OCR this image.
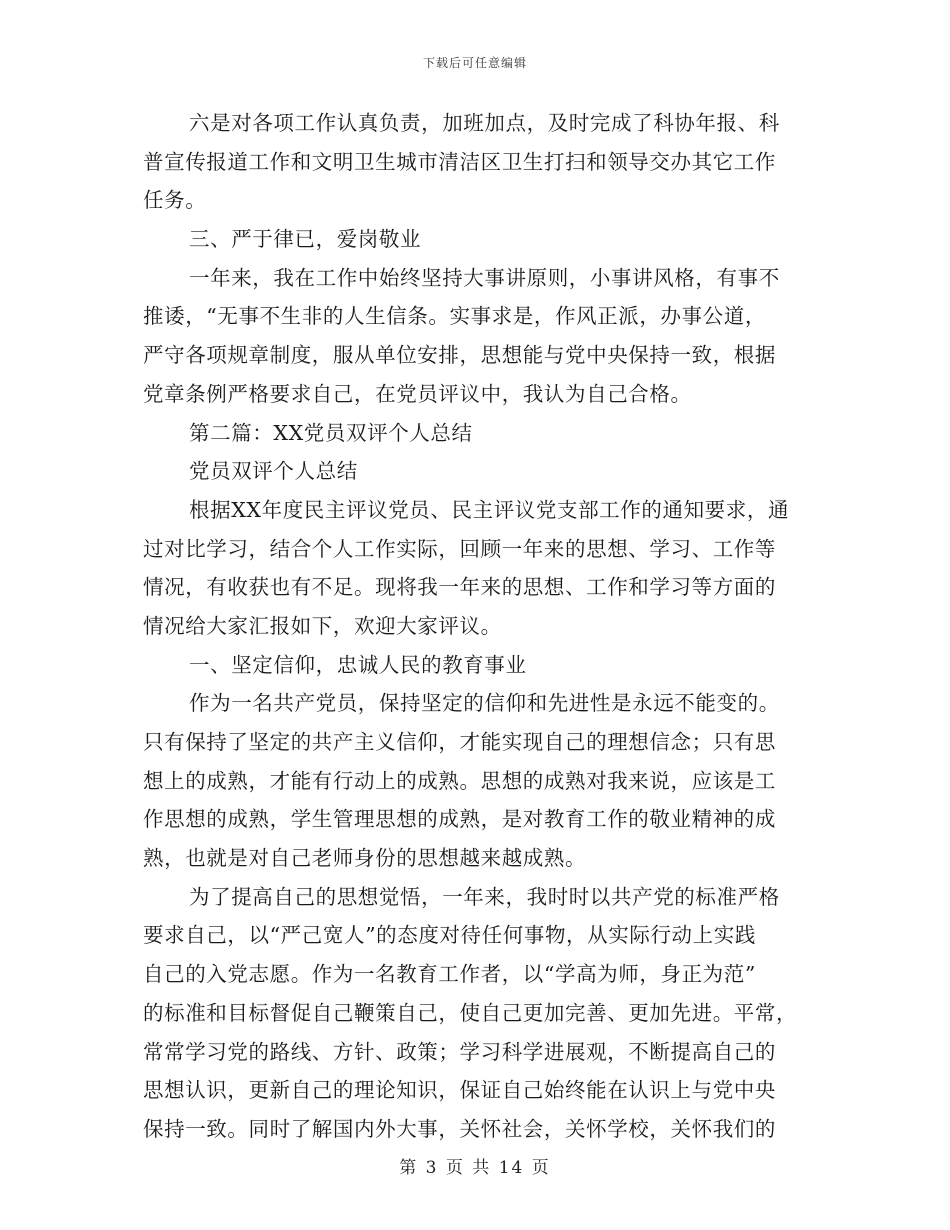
下载后可任意编辑
六是对各项工作认真负责，加班加点，及时完成了科协年报、科
普宣传报道工作和文明卫生城市清洁区卫生打扫和领导交办其它工作
任务。
三、严于律已，爱岗敬业
一年来，我在工作中始终坚持大事讲原则，小事讲风格，有事不
推诿，“无事不生非的人生信条。实事求是，作风正派，办事公道，
严守各项规章制度，服从单位安排，思想能与党中央保持一致，根据
党章条例严格要求自己，在党员评议中，我认为自己合格。
第二篇：XX党员双评个人总结
党员双评个人总结
根据XX年度民主评议党员、民主评议党支部工作的通知要求，通
过对比学习，结合个人工作实际，回顾一年来的思想、学习、工作等
情况，有收获也有不足。现将我一年来的思想、工作和学习等方面的
情况给大家汇报如下，欢迎大家评议。
一、坚定信仰，忠诚人民的教育事业
作为一名共产党员，保持坚定的信仰和先进性是永远不能变的。
只有保持了坚定的共产主义信仰，才能实现自己的理想信念；只有思
想上的成熟，才能有行动上的成熟。思想的成熟对我来说，应该是工
作思想的成熟，学生管理思想的成熟，是对教育工作的敬业精神的成
熟，也就是对自己老师身份的思想越来越成熟。
为了提高自己的思想觉悟，一年来，我时时以共产党的标准严格
要求自己，以“严己宽人”的态度对待任何事物，从实际行动上实践
自己的入党志愿。作为一名教育工作者，以“学高为师，身正为范”
的标准和目标督促自己鞭策自己，使自己更加完善、更加先进。平常，
常常学习党的路线、方针、政策；学习科学进展观，不断提高自己的
思想认识，更新自己的理论知识，保证自己始终能在认识上与党中央
保持一致。同时了解国内外大事，关怀社会，关怀学校，关怀我们的
第 3 页 共 14 页
